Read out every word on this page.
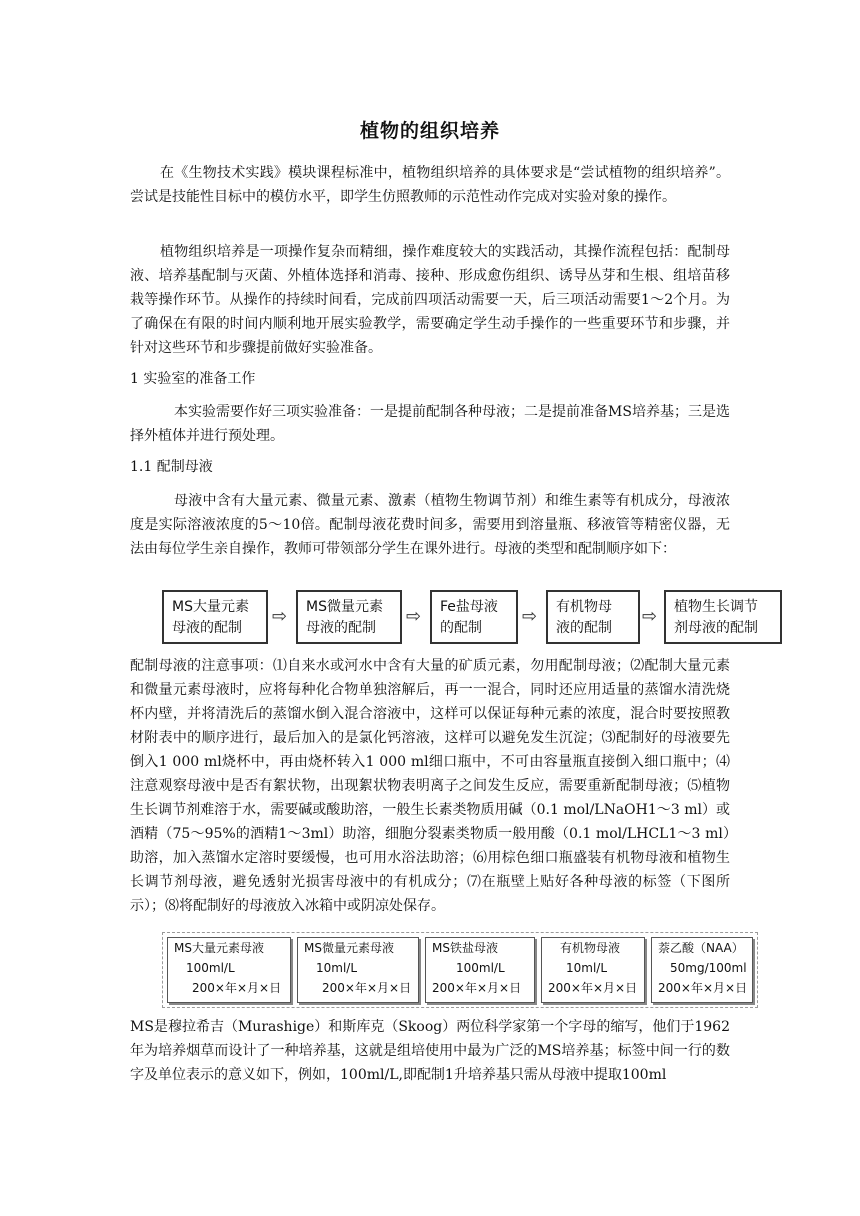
植物的组织培养

在《生物技术实践》模块课程标准中，植物组织培养的具体要求是“尝试植物的组织培养”。尝试是技能性目标中的模仿水平，即学生仿照教师的示范性动作完成对实验对象的操作。

植物组织培养是一项操作复杂而精细，操作难度较大的实践活动，其操作流程包括：配制母液、培养基配制与灭菌、外植体选择和消毒、接种、形成愈伤组织、诱导丛芽和生根、组培苗移栽等操作环节。从操作的持续时间看，完成前四项活动需要一天，后三项活动需要1～2个月。为了确保在有限的时间内顺利地开展实验教学，需要确定学生动手操作的一些重要环节和步骤，并针对这些环节和步骤提前做好实验准备。

1 实验室的准备工作

本实验需要作好三项实验准备：一是提前配制各种母液；二是提前准备MS培养基；三是选择外植体并进行预处理。

1.1 配制母液

母液中含有大量元素、微量元素、激素（植物生物调节剂）和维生素等有机成分，母液浓度是实际溶液浓度的5～10倍。配制母液花费时间多，需要用到溶量瓶、移液管等精密仪器，无法由每位学生亲自操作，教师可带领部分学生在课外进行。母液的类型和配制顺序如下：

MS大量元素
母液的配制
⇨	MS微量元素
母液的配制
⇨	Fe盐母液
的配制
⇨	有机物母
液的配制
⇨	植物生长调节
剂母液的配制

配制母液的注意事项：⑴自来水或河水中含有大量的矿质元素，勿用配制母液；⑵配制大量元素和微量元素母液时，应将每种化合物单独溶解后，再一一混合，同时还应用适量的蒸馏水清洗烧杯内壁，并将清洗后的蒸馏水倒入混合溶液中，这样可以保证每种元素的浓度，混合时要按照教材附表中的顺序进行，最后加入的是氯化钙溶液，这样可以避免发生沉淀；⑶配制好的母液要先倒入1 000 ml烧杯中，再由烧杯转入1 000 ml细口瓶中，不可由容量瓶直接倒入细口瓶中；⑷注意观察母液中是否有絮状物，出现絮状物表明离子之间发生反应，需要重新配制母液；⑸植物生长调节剂难溶于水，需要碱或酸助溶，一般生长素类物质用碱（0.1 mol/LNaOH1～3 ml）或酒精（75～95%的酒精1～3ml）助溶，细胞分裂素类物质一般用酸（0.1 mol/LHCL1～3 ml）助溶，加入蒸馏水定溶时要缓慢，也可用水浴法助溶；⑹用棕色细口瓶盛装有机物母液和植物生长调节剂母液，避免透射光损害母液中的有机成分；⑺在瓶壁上贴好各种母液的标签（下图所示）；⑻将配制好的母液放入冰箱中或阴凉处保存。

MS大量元素母液
100ml/L
200×年×月×日
MS微量元素母液
10ml/L
200×年×月×日
MS铁盐母液
100ml/L
200×年×月×日
有机物母液
10ml/L
200×年×月×日
萘乙酸（NAA）
50mg/100ml
200×年×月×日

MS是穆拉希吉（Murashige）和斯库克（Skoog）两位科学家第一个字母的缩写，他们于1962年为培养烟草而设计了一种培养基，这就是组培使用中最为广泛的MS培养基；标签中间一行的数字及单位表示的意义如下，例如，100ml/L,即配制1升培养基只需从母液中提取100ml
